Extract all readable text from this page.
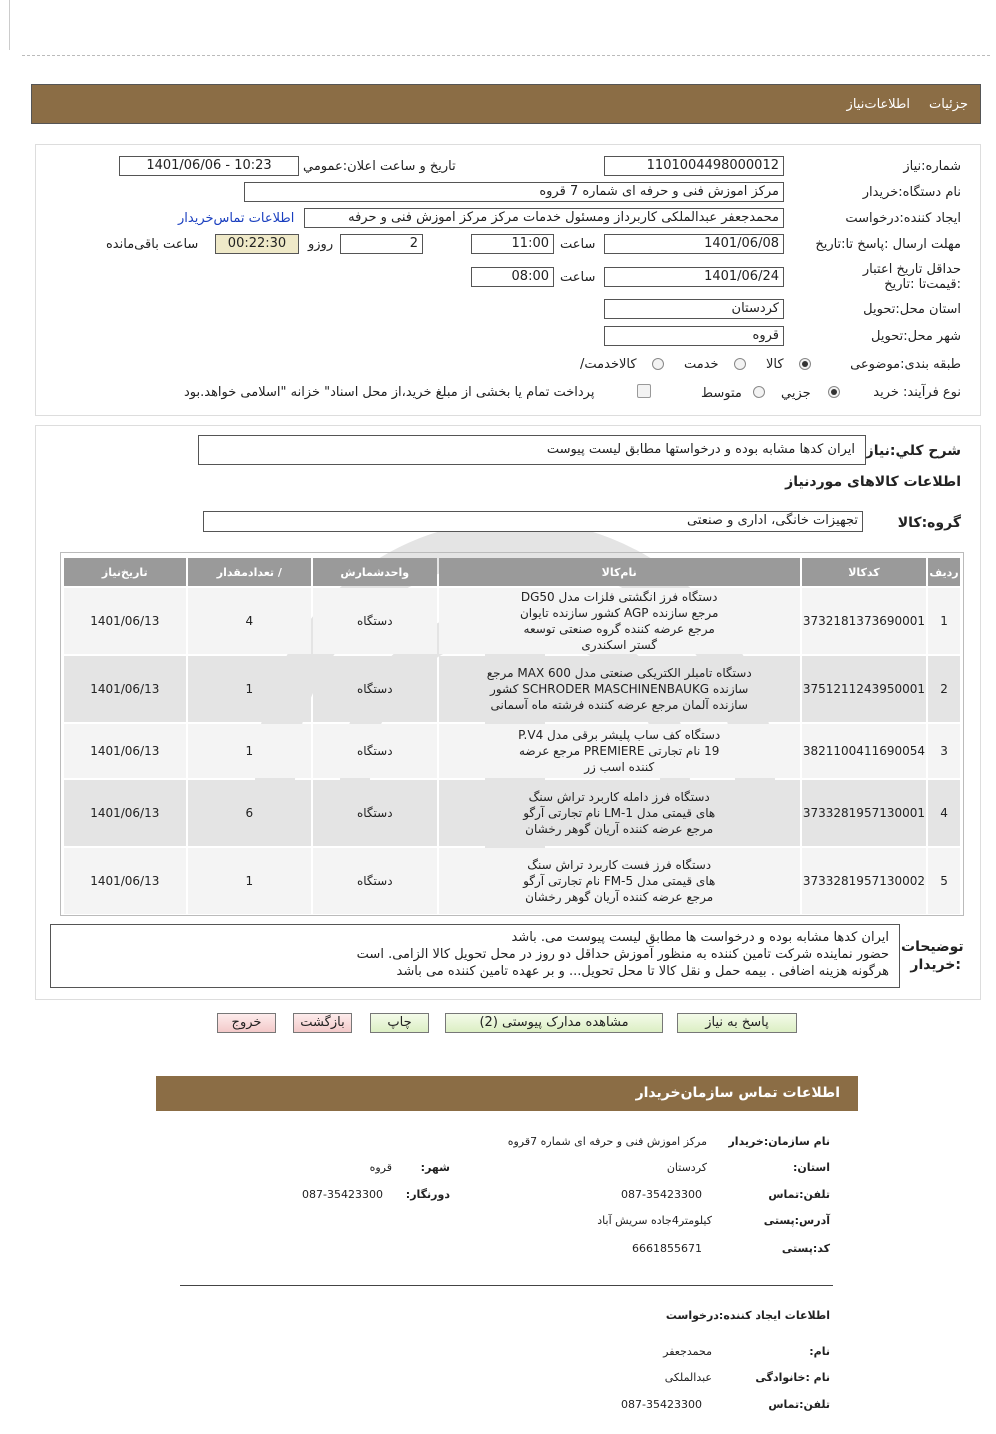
جزئیات
اطلاعات‌نیاز
شماره:نیاز
1101004498000012
تاریخ و ساعت اعلان:عمومي
1401/06/06 - 10:23
نام دستگاه:خريدار
مرکز اموزش فنی و حرفه ای شماره 7 قروه
ایجاد کننده:درخواست
محمدجعفر عبدالملکی کاربرداز ومسئول خدمات مرکز مرکز اموزش فنی و حرفه
اطلاعات تماس‌خریدار
مهلت ارسال :پاسخ تا:تاریخ
1401/06/08
ساعت
11:00
2
روزو
00:22:30
ساعت باقی‌مانده
حداقل تاریخ اعتبار :قیمت‌تا :تاریخ
1401/06/24
ساعت
08:00
استان محل:تحویل
کردستان
شهر محل:تحویل
قروه
طبقه بندی:موضوعی
کالا
خدمت
/کالاخدمت
نوع فرآیند: خرید
جزيي
متوسط
پرداخت تمام یا بخشی از مبلغ خرید،از محل اسناد" خزانه "اسلامی خواهد.بود
شرح کلي:نياز
ایران کدها مشابه بوده و درخواستها مطابق لیست پیوست
اطلاعات کالاهای موردنیاز
گروه:کالا
تجهیزات خانگی، اداری و صنعتی
ردیف	کدکالا	نام‌کالا	واحدشمارش	/ تعدادمقدار	تاریخ‌نیاز
1	3732181373690001	دستگاه فرز انگشتی فلزات مدل DG50 مرجع سازنده AGP کشور سازنده تایوان مرجع عرضه کننده گروه صنعتی توسعه گستر اسکندری	دستگاه	4	1401/06/13
2	3751211243950001	دستگاه تامبلر الکتریکی صنعتی مدل MAX 600 مرجع سازنده SCHRODER MASCHINENBAUKG کشور سازنده آلمان مرجع عرضه کننده فرشته ماه آسمانی	دستگاه	1	1401/06/13
3	3821100411690054	دستگاه کف ساب پلیشر برقی مدل P.V4 19 نام تجارتی PREMIERE مرجع عرضه کننده اسب زر	دستگاه	1	1401/06/13
4	3733281957130001	دستگاه فرز دامله کاربرد تراش سنگ های قیمتی مدل LM-1 نام تجارتی آرگو مرجع عرضه کننده آریان گوهر رخشان	دستگاه	6	1401/06/13
5	3733281957130002	دستگاه فرز فست کاربرد تراش سنگ های قیمتی مدل FM-5 نام تجارتی آرگو مرجع عرضه کننده آریان گوهر رخشان	دستگاه	1	1401/06/13
توضیحات :خریدار
ایران کدها مشابه بوده و درخواست ها مطابق لیست پیوست می. باشد
حضور نماینده شرکت تامین کننده به منظور آموزش حداقل دو روز در محل تحویل کالا الزامی. است
هرگونه هزینه اضافی . بیمه حمل و نقل کالا تا محل تحویل... و بر عهده تامین کننده می باشد
پاسخ به نیاز
مشاهده مدارک پیوستی (2)
چاپ
بازگشت
خروج
اطلاعات تماس سازمان‌خریدار
نام سازمان:خریدار
مرکز اموزش فنی و حرفه ای شماره 7قروه
:استان
کردستان
:شهر
قروه
تلفن:تماس
087-35423300
:دورنگار
087-35423300
آدرس:پستی
کیلومتر4جاده سریش آباد
کد:پستی
6661855671
اطلاعات ایجاد کننده:درخواست
:نام
محمدجعفر
نام :خانوادگی
عبدالملکی
تلفن:تماس
087-35423300
